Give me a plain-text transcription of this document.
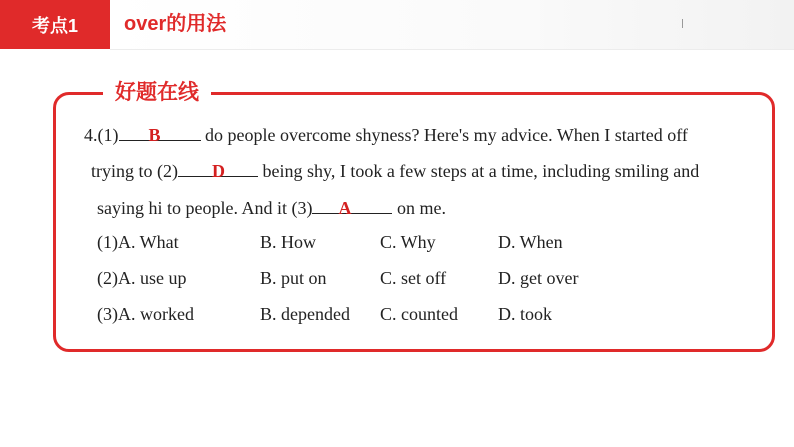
考点1	over的用法
好题在线
4.(1) B do people overcome shyness? Here's my advice. When I started off
trying to (2) D being shy, I took a few steps at a time, including smiling and
saying hi to people. And it (3) A on me.
(1)A. What	B. How	C. Why	D. When
(2)A. use up	B. put on	C. set off	D. get over
(3)A. worked	B. depended C. counted D. took
